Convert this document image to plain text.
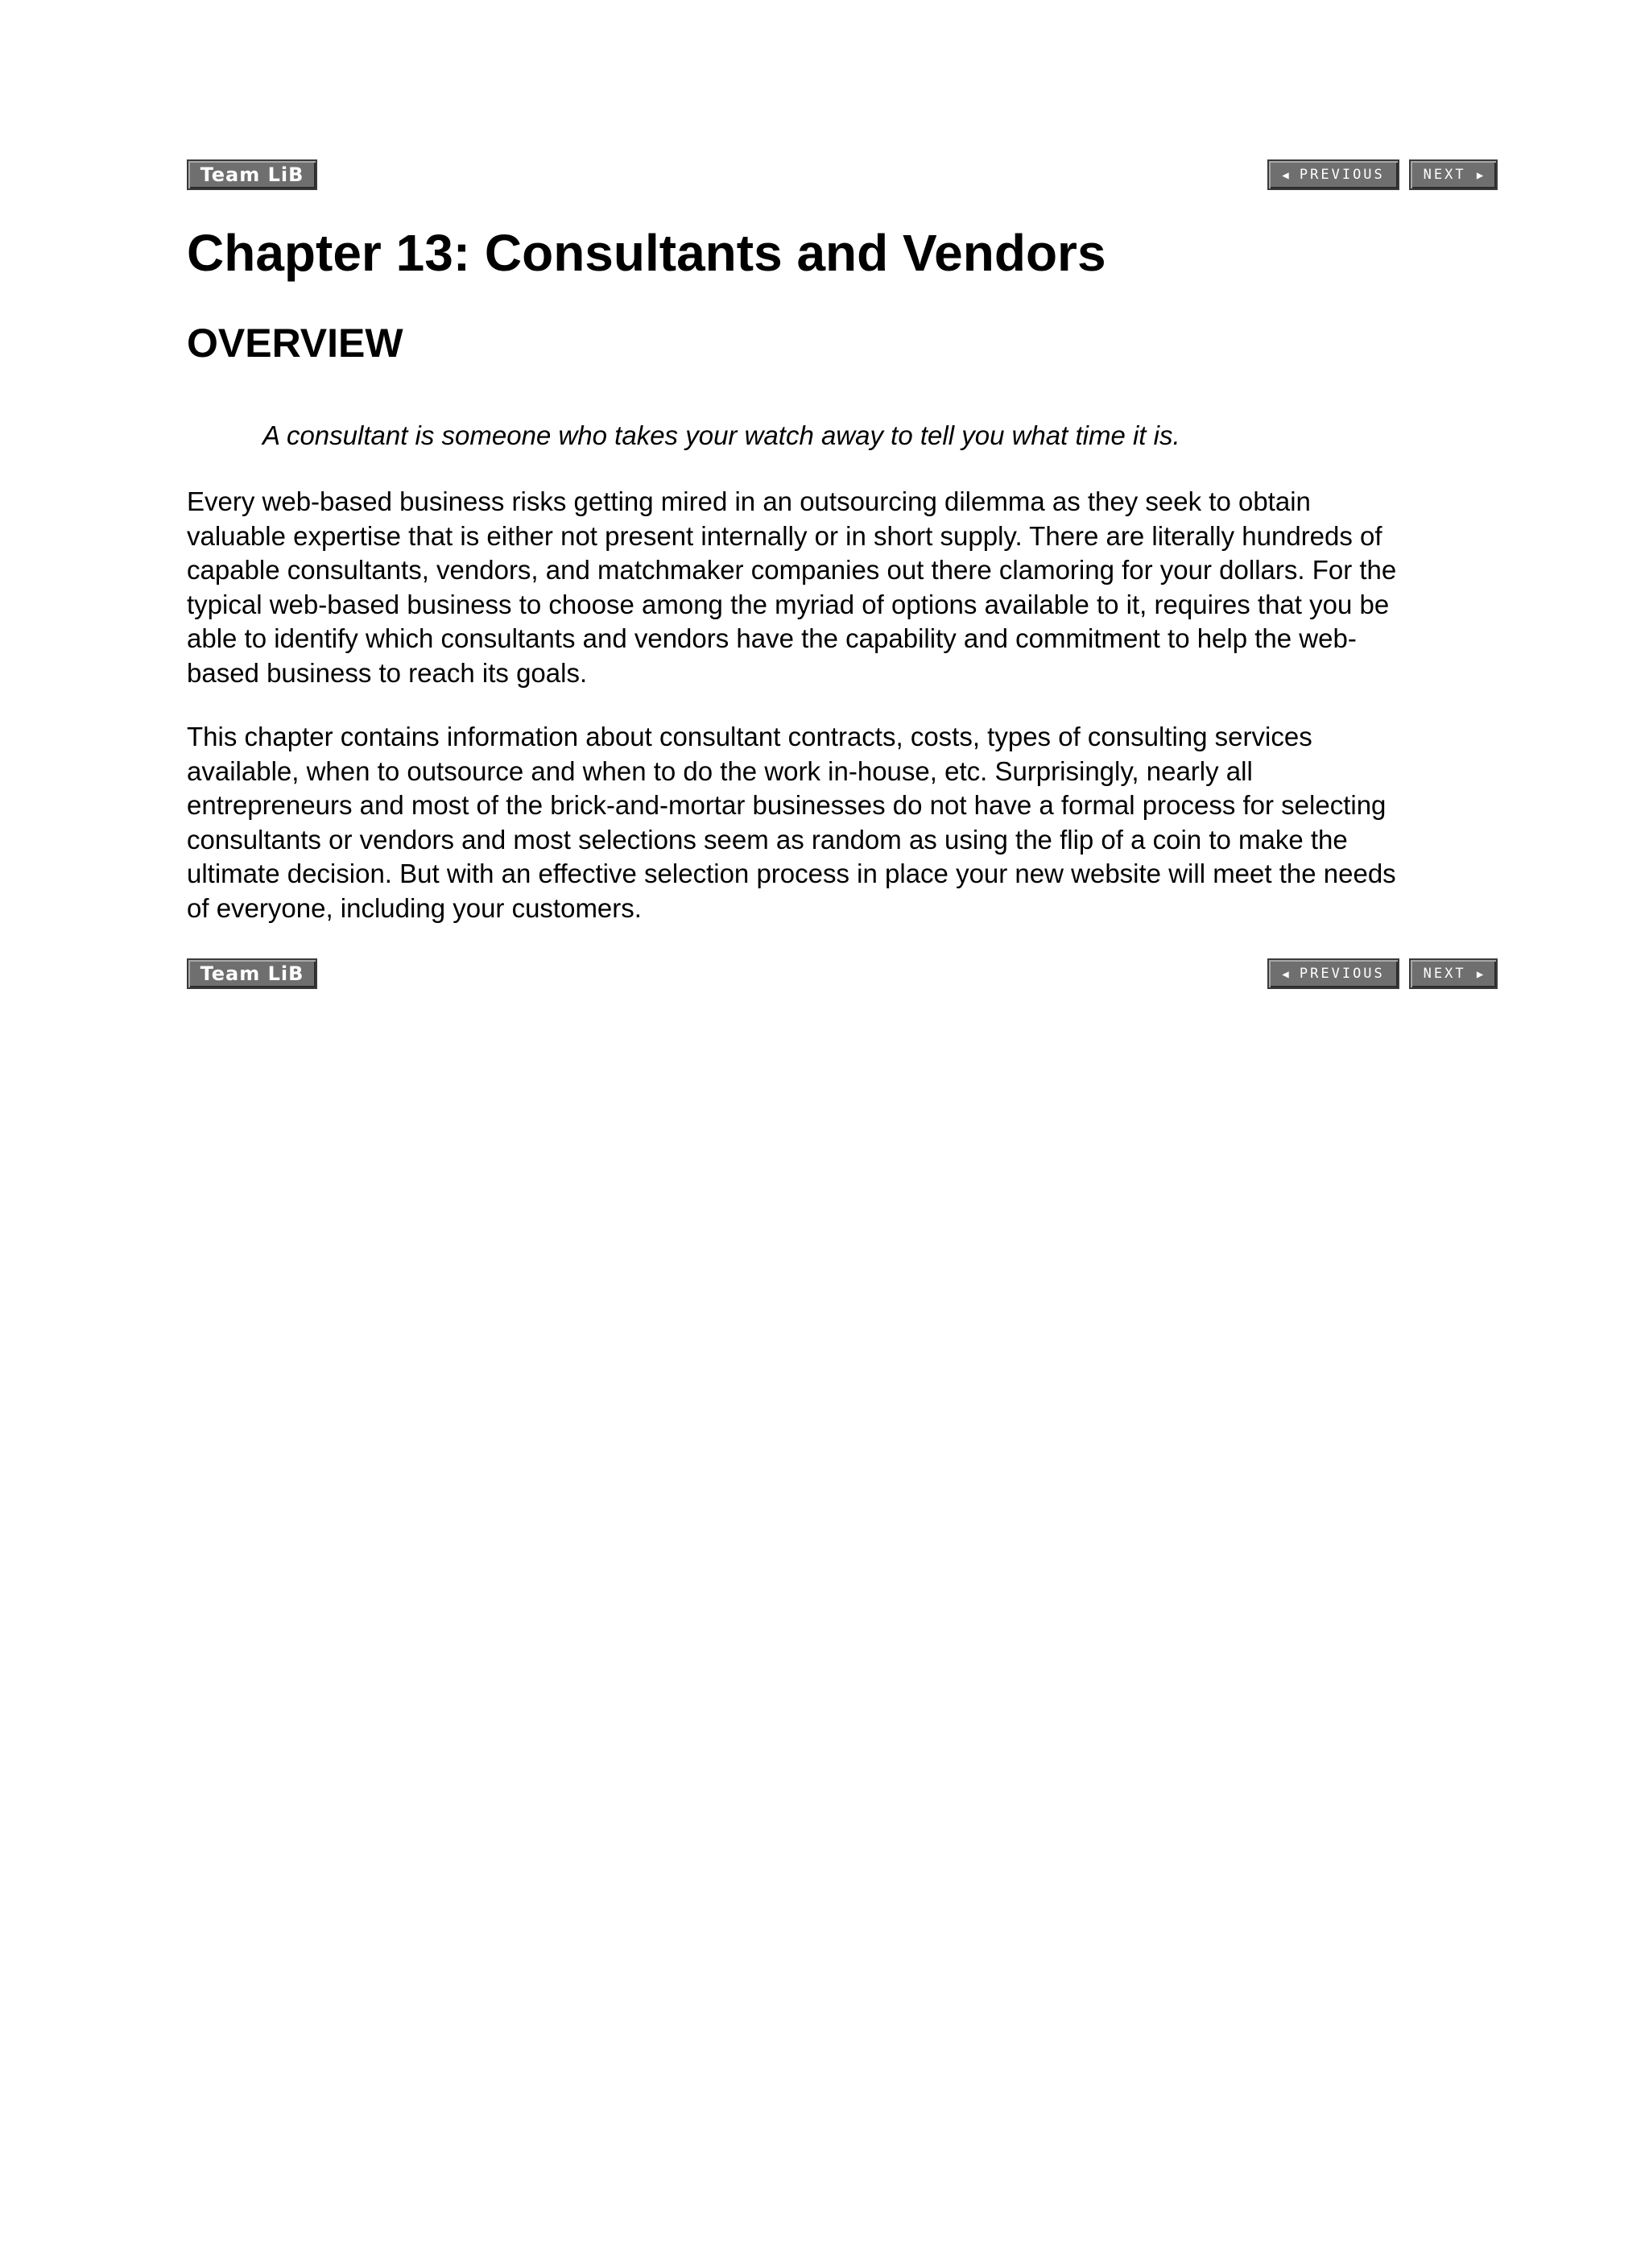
Team LiB	◀ PREVIOUS	NEXT ▶
Chapter 13: Consultants and Vendors
OVERVIEW

A consultant is someone who takes your watch away to tell you what time it is.

Every web-based business risks getting mired in an outsourcing dilemma as they seek to obtain
valuable expertise that is either not present internally or in short supply. There are literally hundreds of
capable consultants, vendors, and matchmaker companies out there clamoring for your dollars. For the
typical web-based business to choose among the myriad of options available to it, requires that you be
able to identify which consultants and vendors have the capability and commitment to help the web-
based business to reach its goals.

This chapter contains information about consultant contracts, costs, types of consulting services
available, when to outsource and when to do the work in-house, etc. Surprisingly, nearly all
entrepreneurs and most of the brick-and-mortar businesses do not have a formal process for selecting
consultants or vendors and most selections seem as random as using the flip of a coin to make the
ultimate decision. But with an effective selection process in place your new website will meet the needs
of everyone, including your customers.

Team LiB	◀ PREVIOUS	NEXT ▶
